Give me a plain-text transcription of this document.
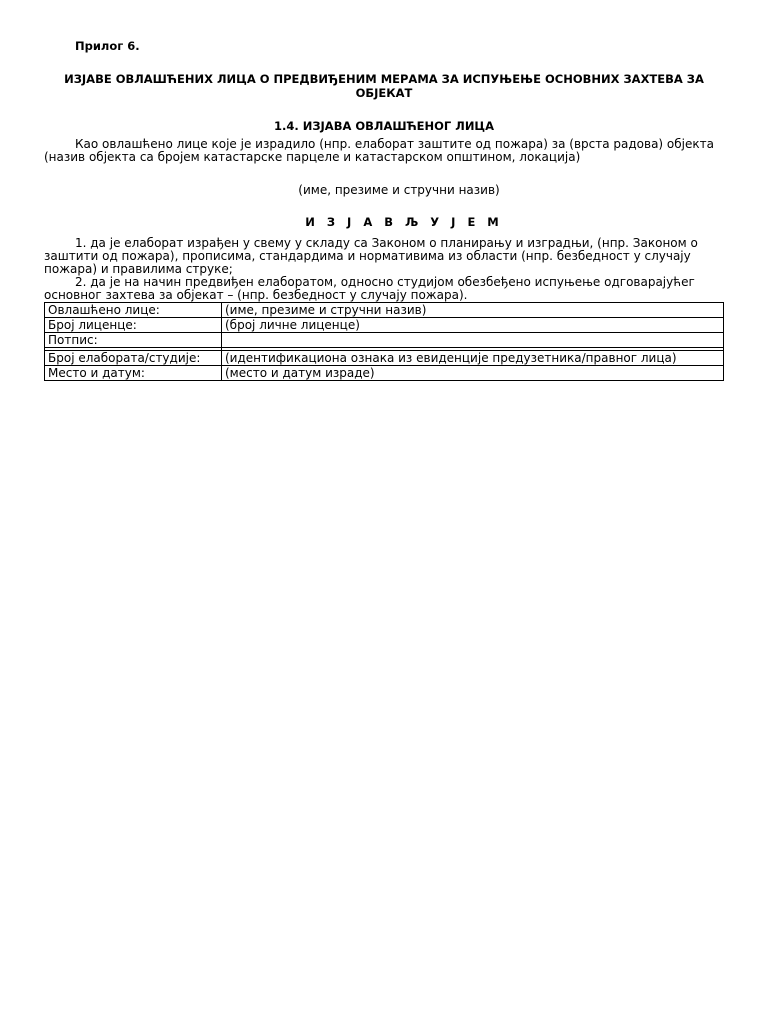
Прилог 6.
ИЗЈАВЕ ОВЛАШЋЕНИХ ЛИЦА О ПРЕДВИЂЕНИМ МЕРАМА ЗА ИСПУЊЕЊЕ ОСНОВНИХ ЗАХТЕВА ЗА ОБЈЕКАТ
1.4. ИЗЈАВА ОВЛАШЋЕНОГ ЛИЦА
Као овлашћено лице које је израдило (нпр. елаборат заштите од пожара) за (врста радова) објекта (назив објекта са бројем катастарске парцеле и катастарском општином, локација)
(име, презиме и стручни назив)
И З Ј А В Љ У Ј Е М
1. да је елаборат израђен у свему у складу са Законом о планирању и изградњи, (нпр. Законом о заштити од пожара), прописима, стандардима и нормативима из области (нпр. безбедност у случају пожара) и правилима струке;
2. да је на начин предвиђен елаборатом, односно студијом обезбеђено испуњење одговарајућег основног захтева за објекат – (нпр. безбедност у случају пожара).
Овлашћено лице:	(име, презиме и стручни назив)
Број лиценце:	(број личне лиценце)
Потпис:	

Број елабората/студије:	(идентификациона ознака из евиденције предузетника/правног лица)
Место и датум:	(место и датум израде)
